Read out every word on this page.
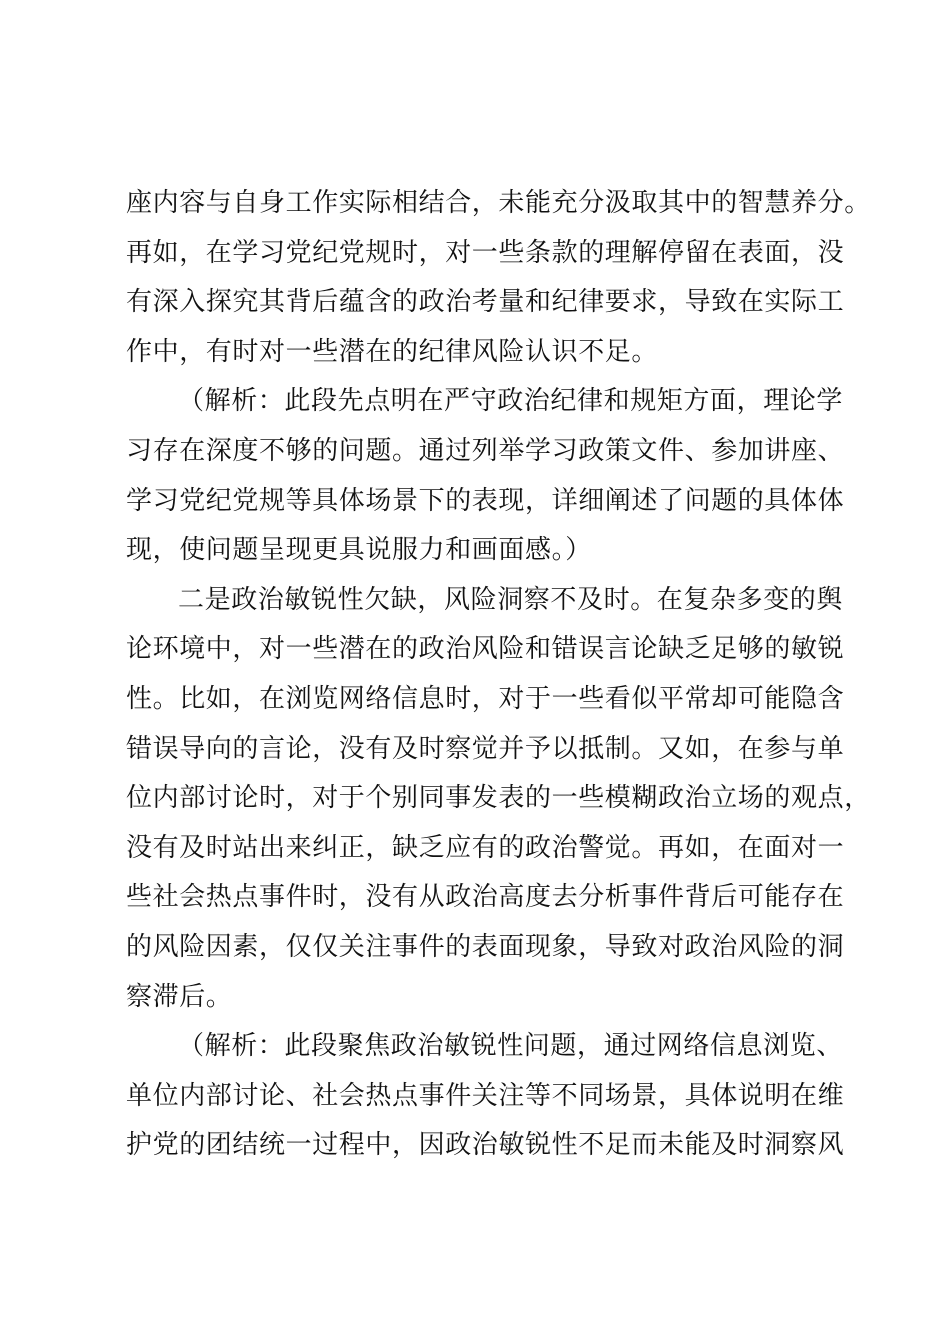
座内容与自身工作实际相结合，未能充分汲取其中的智慧养分。
再如，在学习党纪党规时，对一些条款的理解停留在表面，没
有深入探究其背后蕴含的政治考量和纪律要求，导致在实际工
作中，有时对一些潜在的纪律风险认识不足。
（解析：此段先点明在严守政治纪律和规矩方面，理论学
习存在深度不够的问题。通过列举学习政策文件、参加讲座、
学习党纪党规等具体场景下的表现，详细阐述了问题的具体体
现，使问题呈现更具说服力和画面感。）
二是政治敏锐性欠缺，风险洞察不及时。在复杂多变的舆
论环境中，对一些潜在的政治风险和错误言论缺乏足够的敏锐
性。比如，在浏览网络信息时，对于一些看似平常却可能隐含
错误导向的言论，没有及时察觉并予以抵制。又如，在参与单
位内部讨论时，对于个别同事发表的一些模糊政治立场的观点，
没有及时站出来纠正，缺乏应有的政治警觉。再如，在面对一
些社会热点事件时，没有从政治高度去分析事件背后可能存在
的风险因素，仅仅关注事件的表面现象，导致对政治风险的洞
察滞后。
（解析：此段聚焦政治敏锐性问题，通过网络信息浏览、
单位内部讨论、社会热点事件关注等不同场景，具体说明在维
护党的团结统一过程中，因政治敏锐性不足而未能及时洞察风
